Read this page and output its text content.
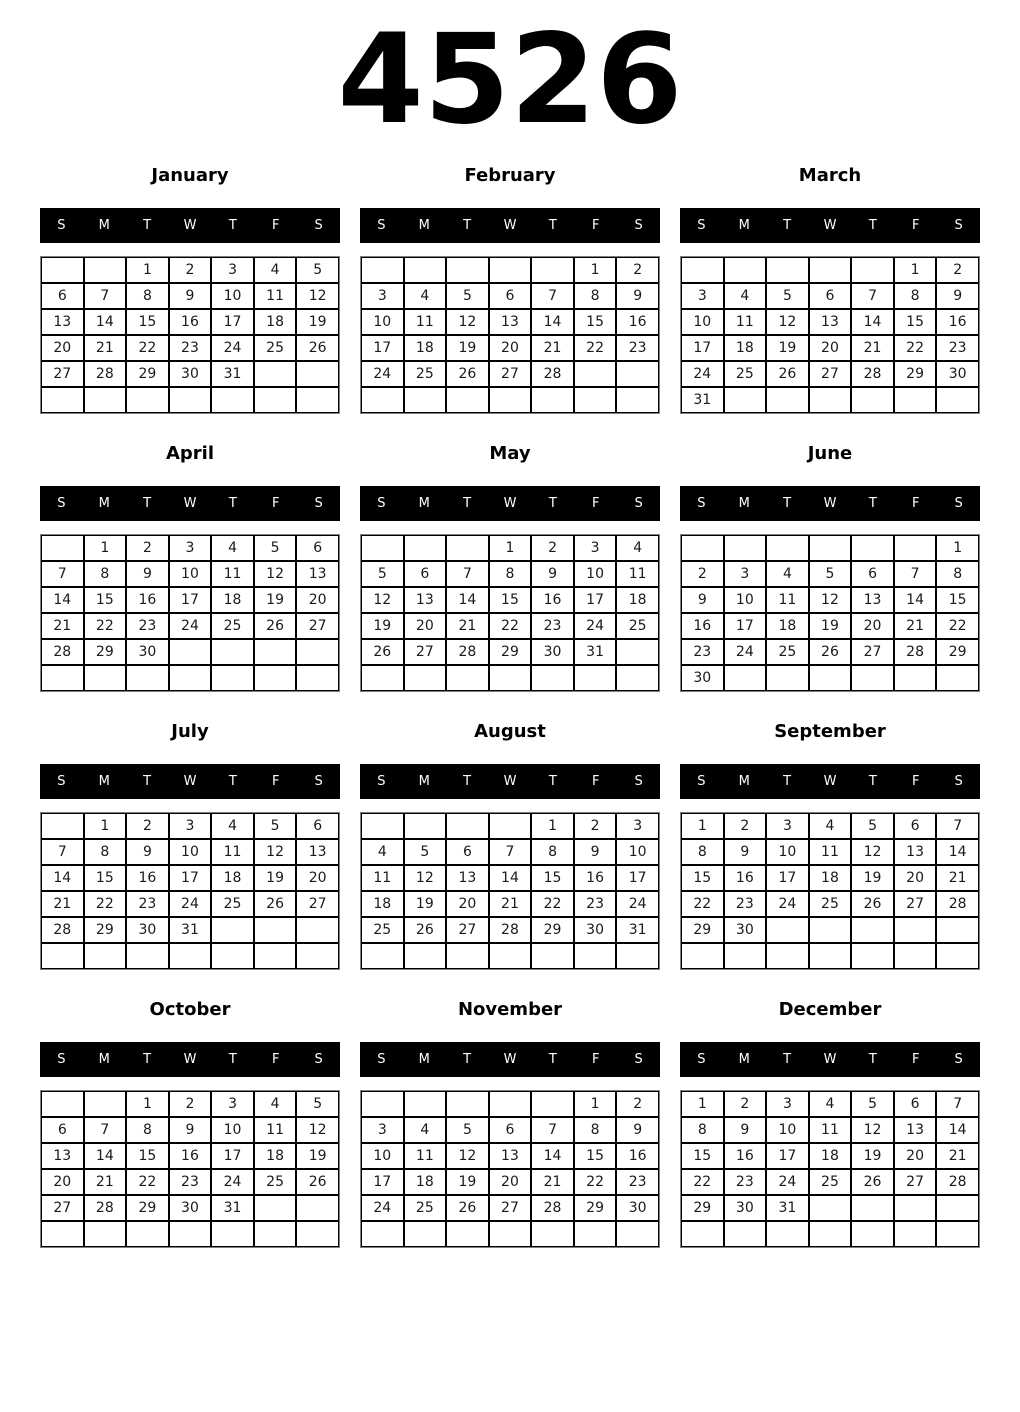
4526
January
S	M	T	W	T	F	S
		1	2	3	4	5
6	7	8	9	10	11	12
13	14	15	16	17	18	19
20	21	22	23	24	25	26
27	28	29	30	31		

February
S	M	T	W	T	F	S
					1	2
3	4	5	6	7	8	9
10	11	12	13	14	15	16
17	18	19	20	21	22	23
24	25	26	27	28		

March
S	M	T	W	T	F	S
					1	2
3	4	5	6	7	8	9
10	11	12	13	14	15	16
17	18	19	20	21	22	23
24	25	26	27	28	29	30
31						
April
S	M	T	W	T	F	S
	1	2	3	4	5	6
7	8	9	10	11	12	13
14	15	16	17	18	19	20
21	22	23	24	25	26	27
28	29	30				

May
S	M	T	W	T	F	S
			1	2	3	4
5	6	7	8	9	10	11
12	13	14	15	16	17	18
19	20	21	22	23	24	25
26	27	28	29	30	31	

June
S	M	T	W	T	F	S
						1
2	3	4	5	6	7	8
9	10	11	12	13	14	15
16	17	18	19	20	21	22
23	24	25	26	27	28	29
30						
July
S	M	T	W	T	F	S
	1	2	3	4	5	6
7	8	9	10	11	12	13
14	15	16	17	18	19	20
21	22	23	24	25	26	27
28	29	30	31			

August
S	M	T	W	T	F	S
				1	2	3
4	5	6	7	8	9	10
11	12	13	14	15	16	17
18	19	20	21	22	23	24
25	26	27	28	29	30	31

September
S	M	T	W	T	F	S
1	2	3	4	5	6	7
8	9	10	11	12	13	14
15	16	17	18	19	20	21
22	23	24	25	26	27	28
29	30					

October
S	M	T	W	T	F	S
		1	2	3	4	5
6	7	8	9	10	11	12
13	14	15	16	17	18	19
20	21	22	23	24	25	26
27	28	29	30	31		

November
S	M	T	W	T	F	S
					1	2
3	4	5	6	7	8	9
10	11	12	13	14	15	16
17	18	19	20	21	22	23
24	25	26	27	28	29	30

December
S	M	T	W	T	F	S
1	2	3	4	5	6	7
8	9	10	11	12	13	14
15	16	17	18	19	20	21
22	23	24	25	26	27	28
29	30	31				
